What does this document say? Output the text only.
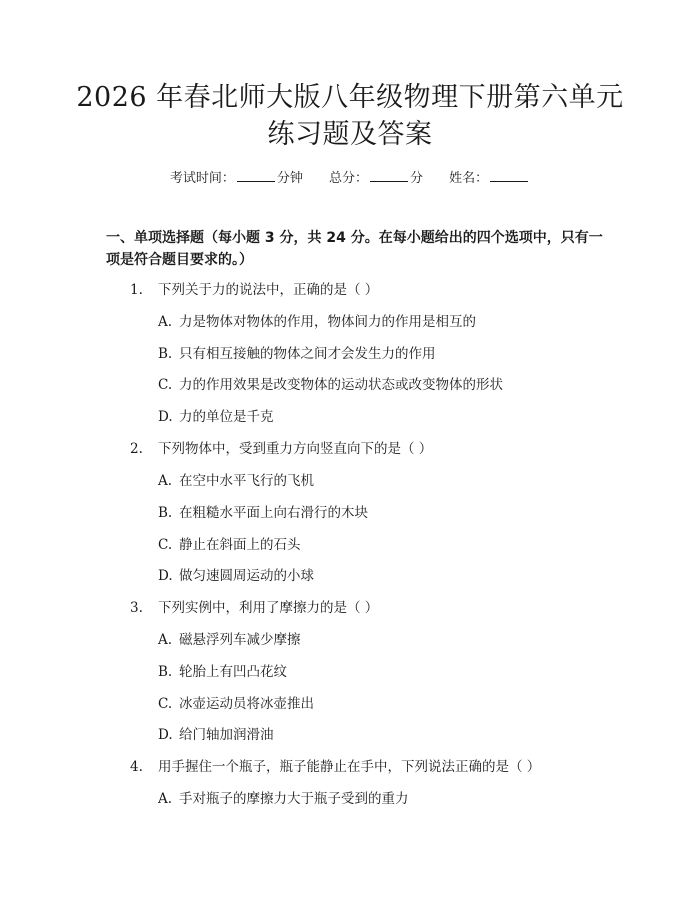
2026 年春北师大版八年级物理下册第六单元
练习题及答案
考试时间：	分钟 总分：	分 姓名：
一、单项选择题（每小题 3 分，共 24 分。在每小题给出的四个选项中，只有一项是符合题目要求的。）
1. 下列关于力的说法中，正确的是（ ）
A. 力是物体对物体的作用，物体间力的作用是相互的
B. 只有相互接触的物体之间才会发生力的作用
C. 力的作用效果是改变物体的运动状态或改变物体的形状
D. 力的单位是千克
2. 下列物体中，受到重力方向竖直向下的是（ ）
A. 在空中水平飞行的飞机
B. 在粗糙水平面上向右滑行的木块
C. 静止在斜面上的石头
D. 做匀速圆周运动的小球
3. 下列实例中，利用了摩擦力的是（ ）
A. 磁悬浮列车减少摩擦
B. 轮胎上有凹凸花纹
C. 冰壶运动员将冰壶推出
D. 给门轴加润滑油
4. 用手握住一个瓶子，瓶子能静止在手中，下列说法正确的是（ ）
A. 手对瓶子的摩擦力大于瓶子受到的重力
